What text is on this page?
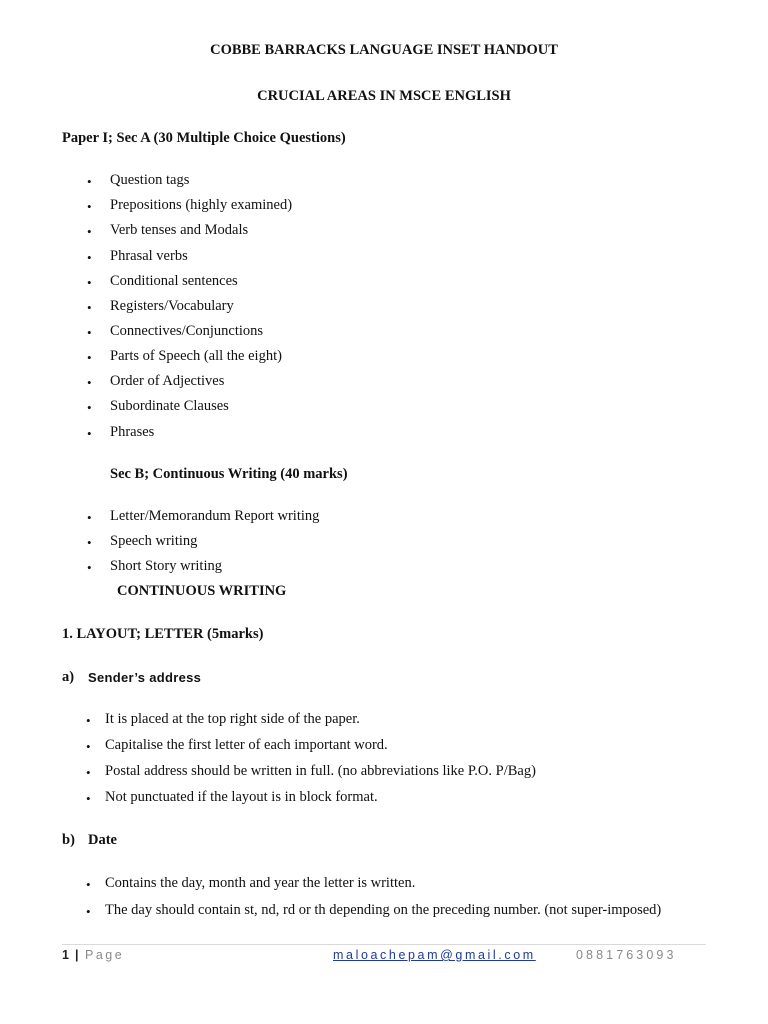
COBBE BARRACKS LANGUAGE INSET HANDOUT
CRUCIAL AREAS IN MSCE ENGLISH
Paper I; Sec A (30 Multiple Choice Questions)
• Question tags
• Prepositions (highly examined)
• Verb tenses and Modals
• Phrasal verbs
• Conditional sentences
• Registers/Vocabulary
• Connectives/Conjunctions
• Parts of Speech (all the eight)
• Order of Adjectives
• Subordinate Clauses
• Phrases
Sec B; Continuous Writing (40 marks)
• Letter/Memorandum Report writing
• Speech writing
• Short Story writing
CONTINUOUS WRITING
1. LAYOUT; LETTER (5marks)
a) Sender’s address
• It is placed at the top right side of the paper.
• Capitalise the first letter of each important word.
• Postal address should be written in full. (no abbreviations like P.O. P/Bag)
• Not punctuated if the layout is in block format.
b) Date
• Contains the day, month and year the letter is written.
• The day should contain st, nd, rd or th depending on the preceding number. (not super-imposed)
1 | Page	maloachepam@gmail.com	0881763093
